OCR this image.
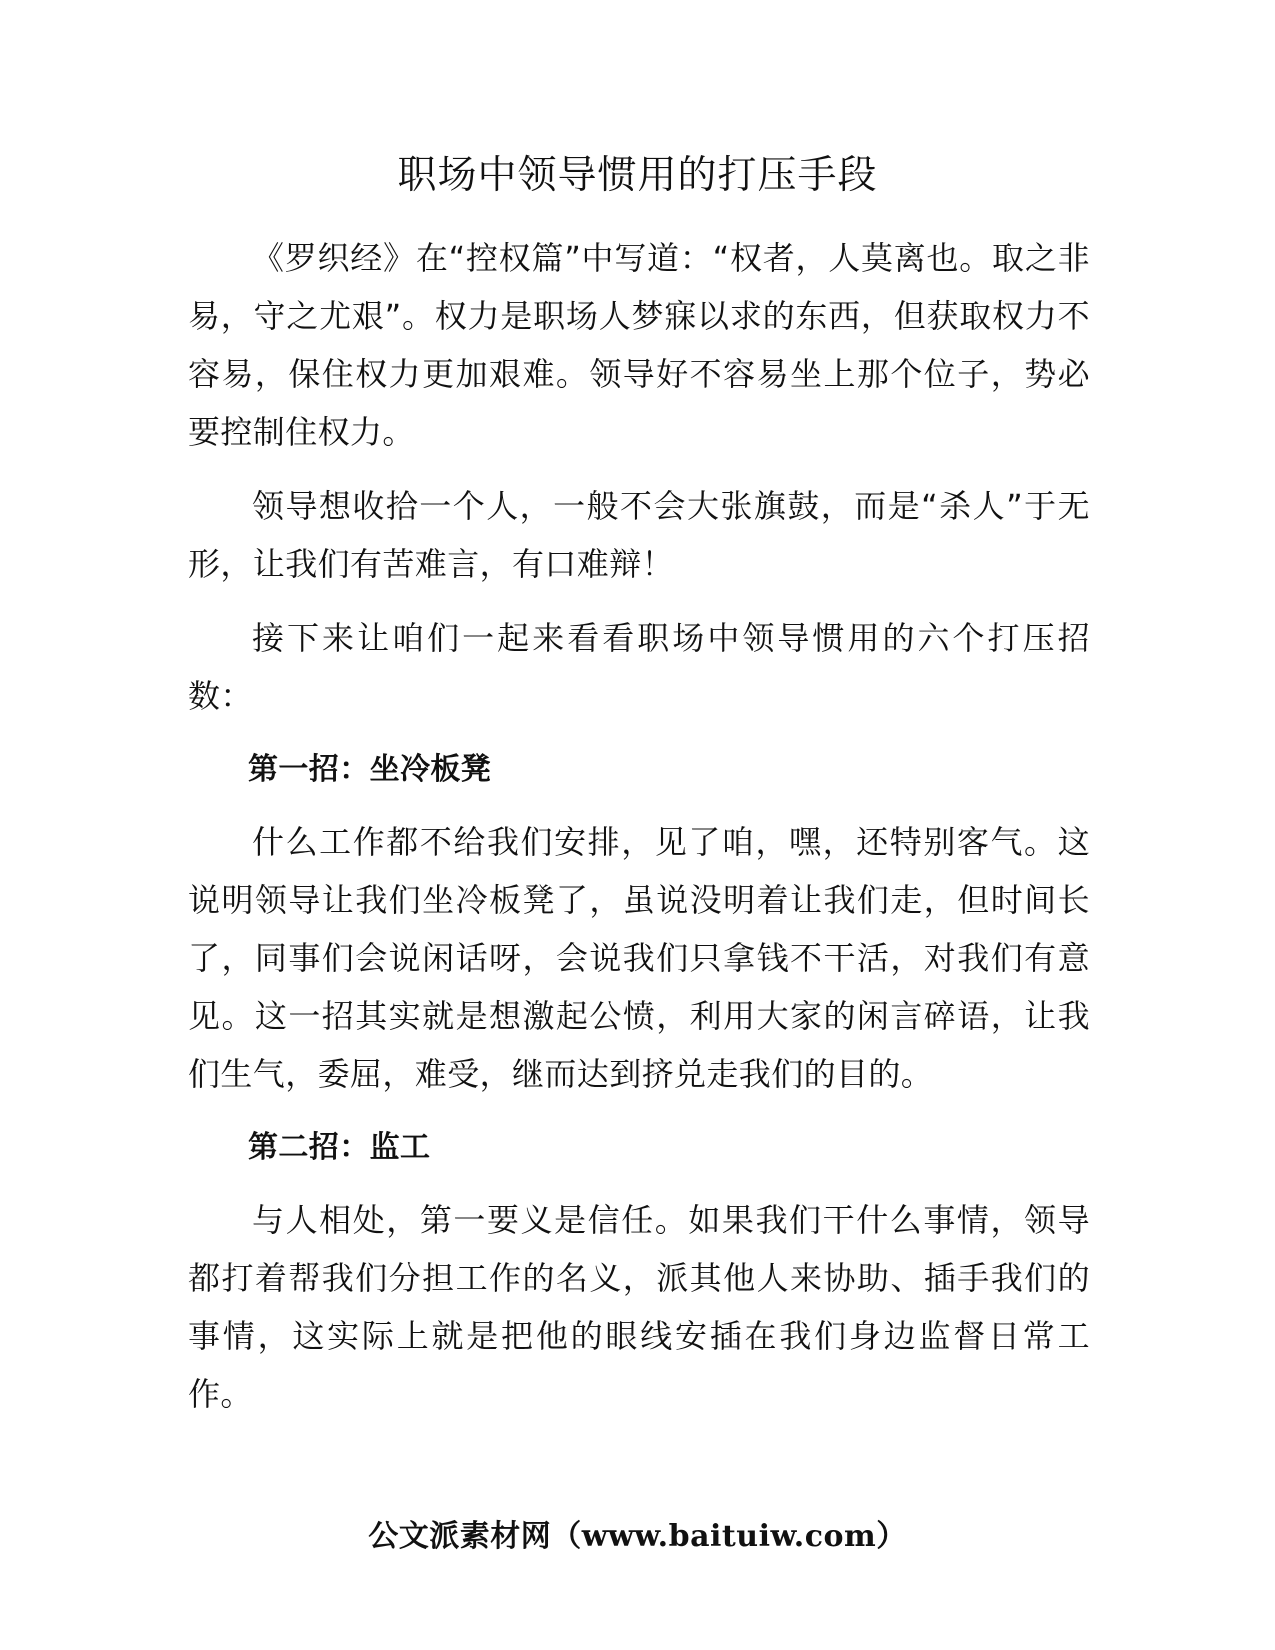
职场中领导惯用的打压手段

《罗织经》在“控权篇”中写道：“权者，人莫离也。取之非易，守之尤艰”。权力是职场人梦寐以求的东西，但获取权力不容易，保住权力更加艰难。领导好不容易坐上那个位子，势必要控制住权力。

领导想收拾一个人，一般不会大张旗鼓，而是“杀人”于无形，让我们有苦难言，有口难辩！

接下来让咱们一起来看看职场中领导惯用的六个打压招数：

第一招：坐冷板凳

什么工作都不给我们安排，见了咱，嘿，还特别客气。这说明领导让我们坐冷板凳了，虽说没明着让我们走，但时间长了，同事们会说闲话呀，会说我们只拿钱不干活，对我们有意见。这一招其实就是想激起公愤，利用大家的闲言碎语，让我们生气，委屈，难受，继而达到挤兑走我们的目的。

第二招：监工

与人相处，第一要义是信任。如果我们干什么事情，领导都打着帮我们分担工作的名义，派其他人来协助、插手我们的事情，这实际上就是把他的眼线安插在我们身边监督日常工作。

公文派素材网（www.baituiw.com）
